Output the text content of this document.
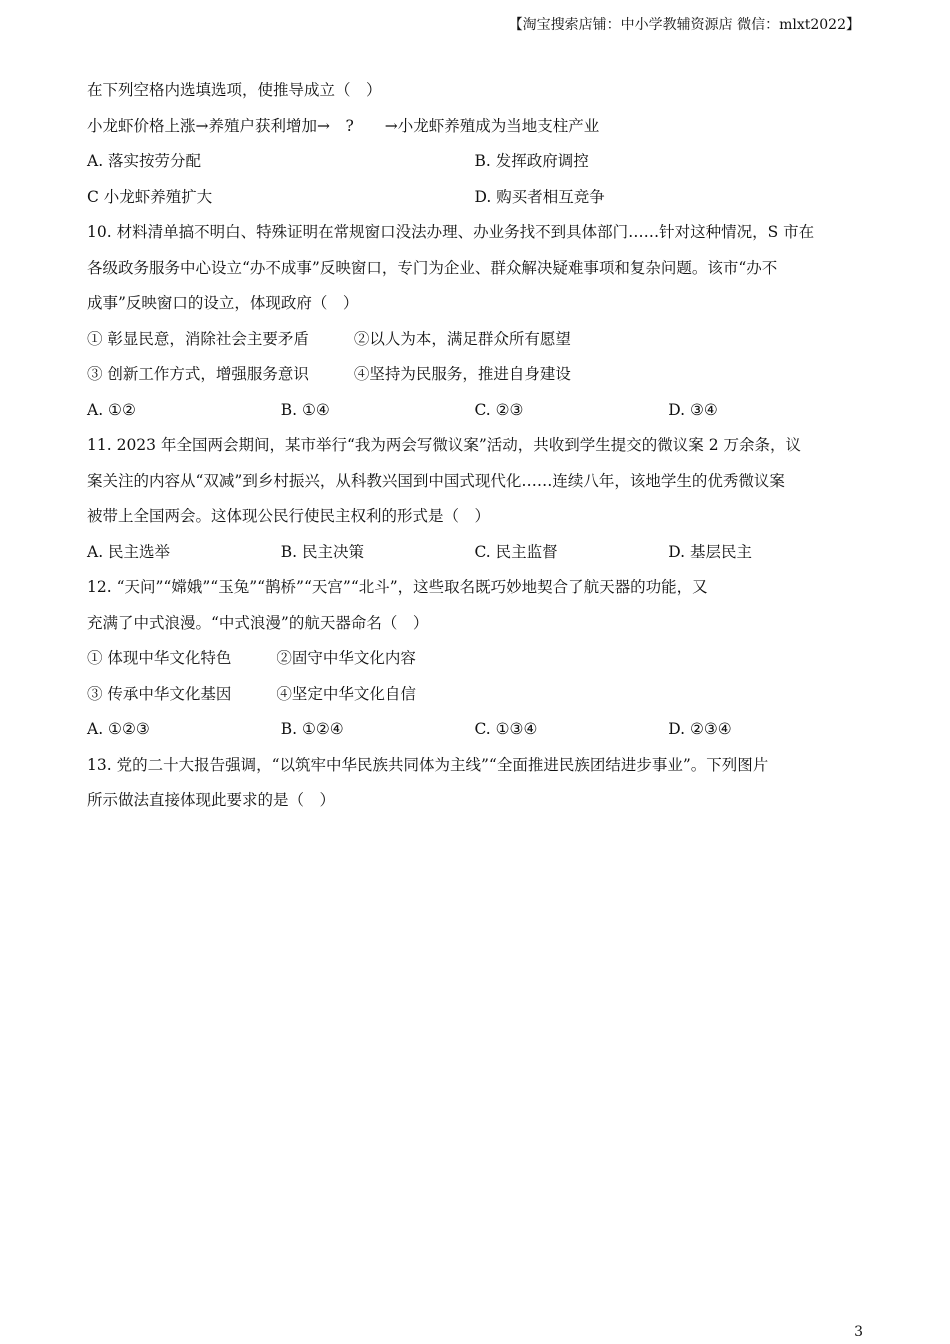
【淘宝搜索店铺：中小学教辅资源店 微信：mlxt2022】
在下列空格内选填选项，使推导成立（　）
小龙虾价格上涨→养殖户获利增加→　?　　→小龙虾养殖成为当地支柱产业
A. 落实按劳分配	B. 发挥政府调控
C 小龙虾养殖扩大	D. 购买者相互竞争
10. 材料清单搞不明白、特殊证明在常规窗口没法办理、办业务找不到具体部门……针对这种情况，S 市在
各级政务服务中心设立“办不成事”反映窗口，专门为企业、群众解决疑难事项和复杂问题。该市“办不
成事”反映窗口的设立，体现政府（　）
① 彰显民意，消除社会主要矛盾	②以人为本，满足群众所有愿望
③ 创新工作方式，增强服务意识	④坚持为民服务，推进自身建设
A. ①②	B. ①④	C. ②③	D. ③④
11. 2023 年全国两会期间，某市举行“我为两会写微议案”活动，共收到学生提交的微议案 2 万余条，议
案关注的内容从“双减”到乡村振兴，从科教兴国到中国式现代化……连续八年，该地学生的优秀微议案
被带上全国两会。这体现公民行使民主权利的形式是（　）
A. 民主选举	B. 民主决策	C. 民主监督	D. 基层民主
12. “天问”“嫦娥”“玉兔”“鹊桥”“天宫”“北斗”，这些取名既巧妙地契合了航天器的功能，又
充满了中式浪漫。“中式浪漫”的航天器命名（　）
① 体现中华文化特色	②固守中华文化内容
③ 传承中华文化基因	④坚定中华文化自信
A. ①②③	B. ①②④	C. ①③④	D. ②③④
13. 党的二十大报告强调，“以筑牢中华民族共同体为主线”“全面推进民族团结进步事业”。下列图片
所示做法直接体现此要求的是（　）
3
